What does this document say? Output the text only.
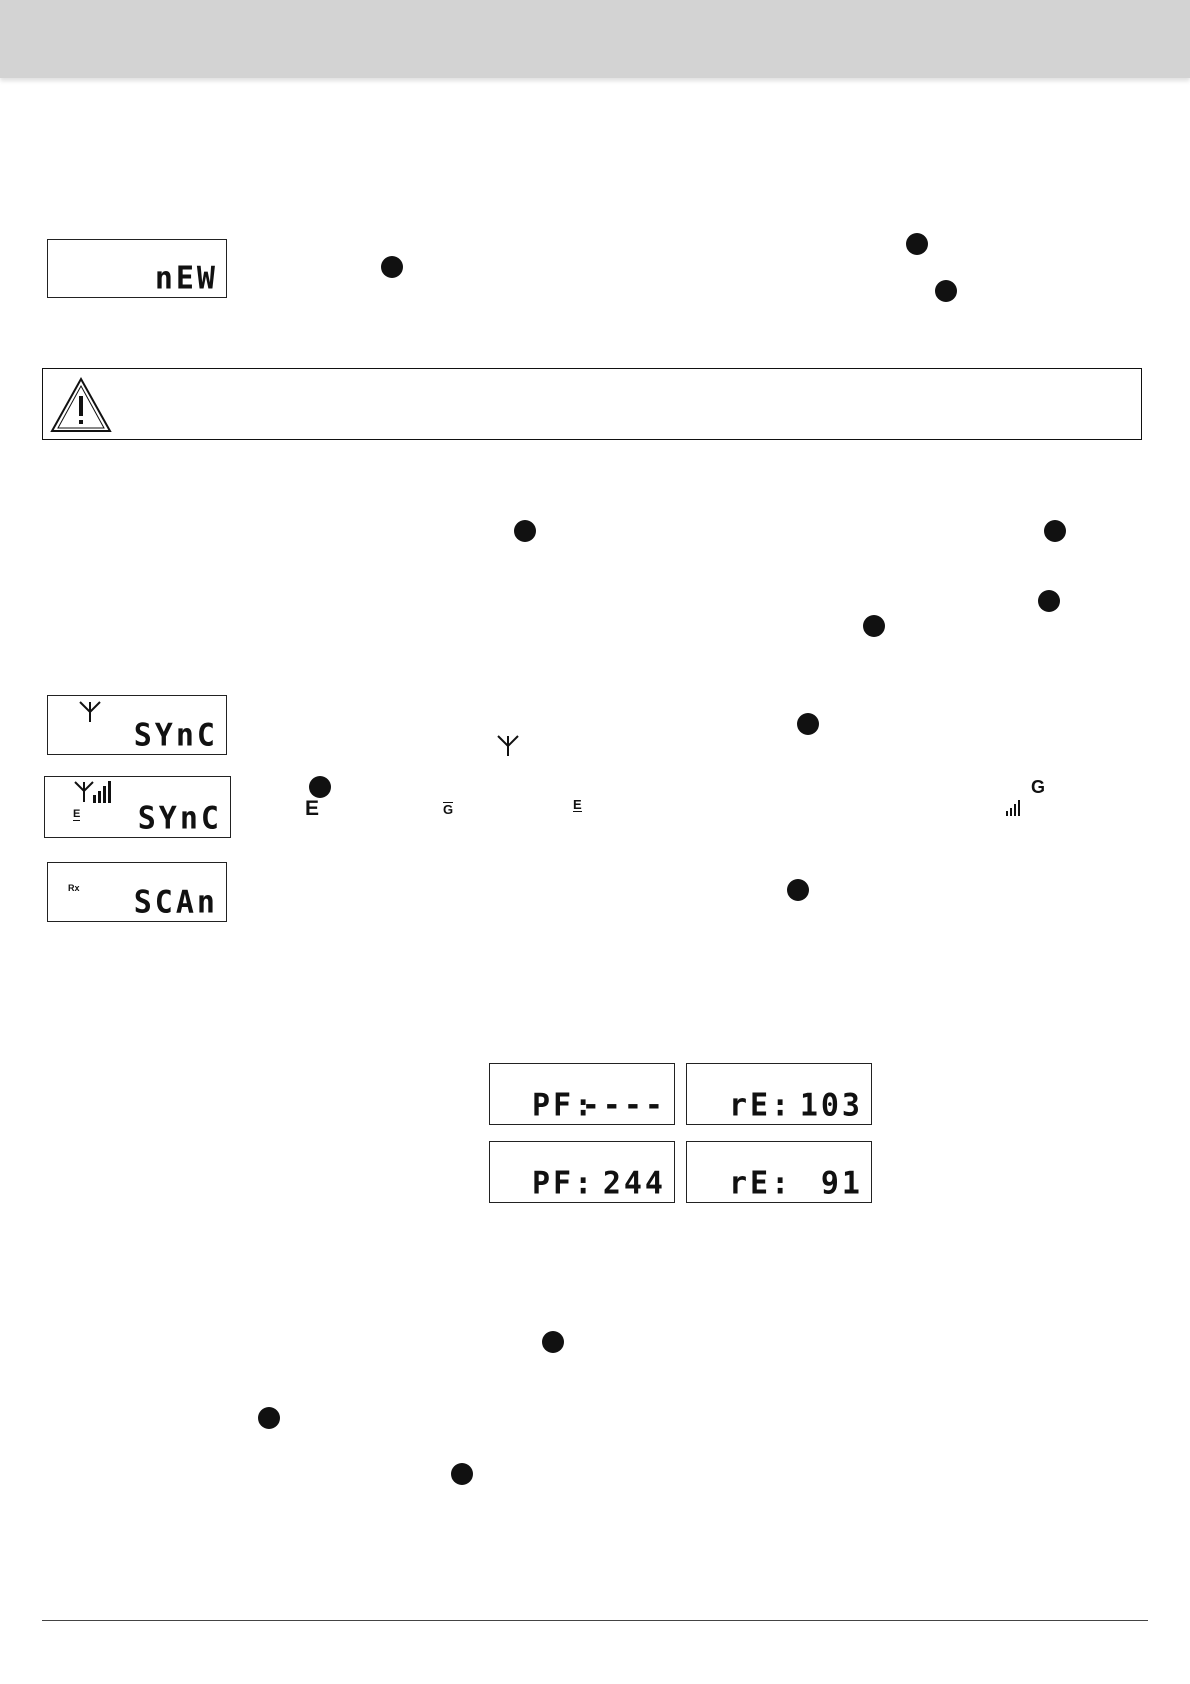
nEW
SYnC
E SYnC
G
E	G	E
Rx SCAn
PF:
---- rE: 103
PF: 244 rE: 91
